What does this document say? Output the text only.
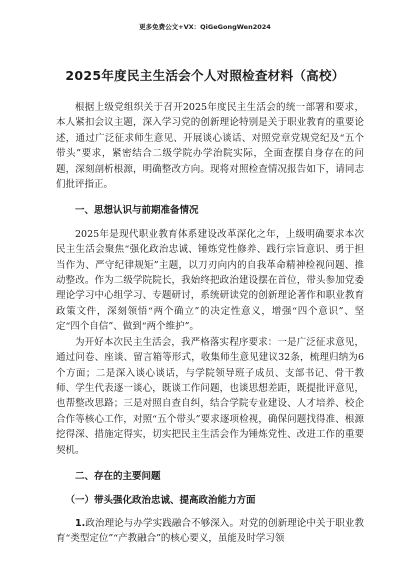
更多免费公文+VX：QiGeGongWen2024
2025年度民主生活会个人对照检查材料（高校）

根据上级党组织关于召开2025年度民主生活会的统一部署和要求，本人紧扣会议主题，深入学习党的创新理论特别是关于职业教育的重要论述，通过广泛征求师生意见、开展谈心谈话、对照党章党规党纪及“五个带头”要求，紧密结合二级学院办学治院实际，全面查摆自身存在的问题，深刻剖析根源，明确整改方向。现将对照检查情况报告如下，请同志们批评指正。

一、思想认识与前期准备情况

2025年是现代职业教育体系建设改革深化之年，上级明确要求本次民主生活会聚焦“强化政治忠诚、锤炼党性修养、践行宗旨意识、勇于担当作为、严守纪律规矩”主题，以刀刃向内的自我革命精神检视问题、推动整改。作为二级学院院长，我始终把政治建设摆在首位，带头参加党委理论学习中心组学习、专题研讨，系统研读党的创新理论著作和职业教育政策文件，深刻领悟“两个确立”的决定性意义，增强“四个意识”、坚定“四个自信”、做到“两个维护”。

为开好本次民主生活会，我严格落实程序要求：一是广泛征求意见，通过问卷、座谈、留言箱等形式，收集师生意见建议32条，梳理归纳为6个方面；二是深入谈心谈话，与学院领导班子成员、支部书记、骨干教师、学生代表逐一谈心，既谈工作问题，也谈思想差距，既提批评意见，也帮整改思路；三是对照自查自纠，结合学院专业建设、人才培养、校企合作等核心工作，对照“五个带头”要求逐项检视，确保问题找得准、根源挖得深、措施定得实，切实把民主生活会作为锤炼党性、改进工作的重要契机。

二、存在的主要问题

（一）带头强化政治忠诚、提高政治能力方面

1.政治理论与办学实践融合不够深入。对党的创新理论中关于职业教育“类型定位”“产教融合”的核心要义，虽能及时学习领
